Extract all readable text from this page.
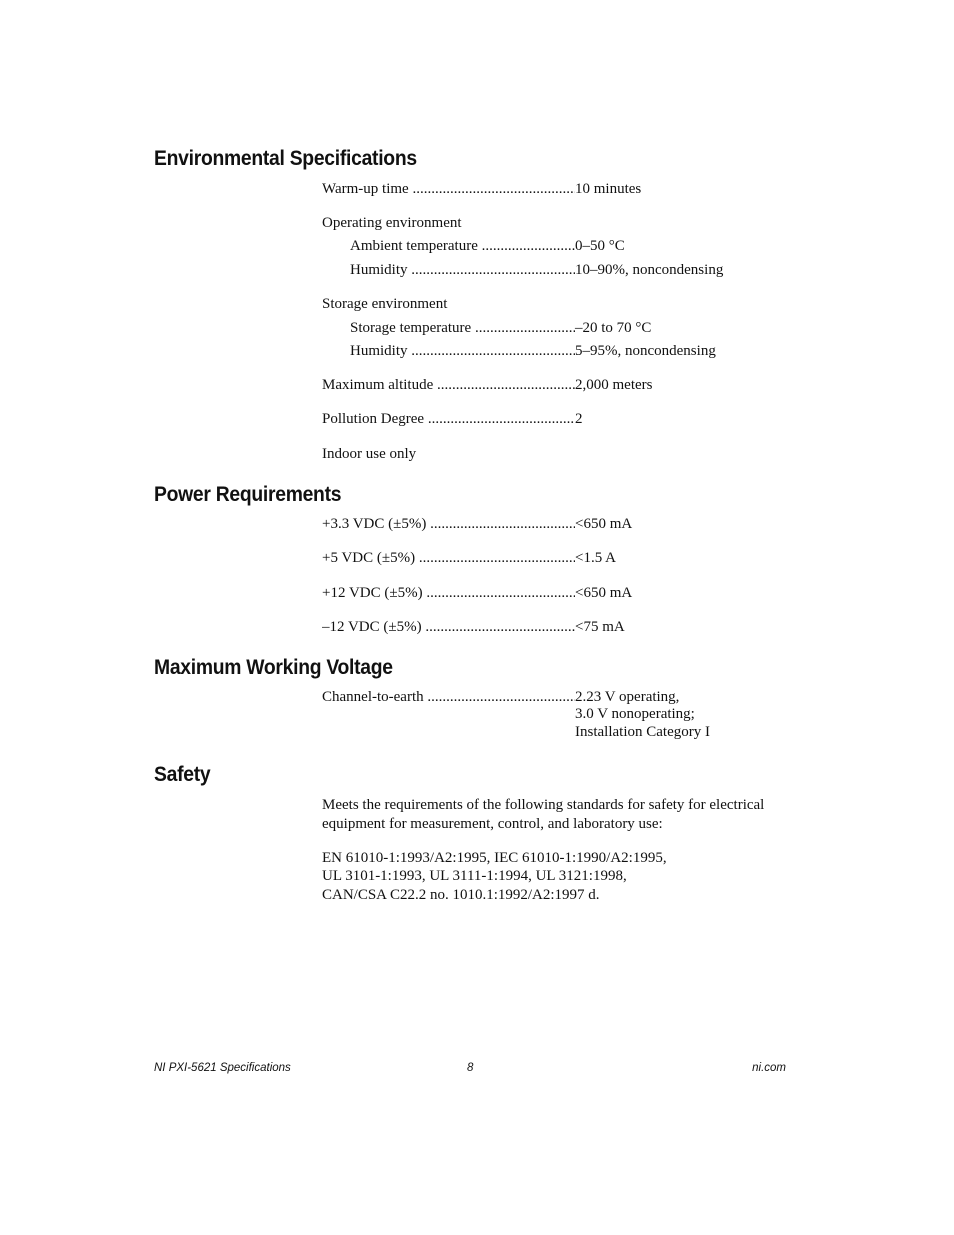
Environmental Specifications
Warm-up time .....	10 minutes
Operating environment
Ambient temperature .....	0–50 °C
Humidity .....	10–90%, noncondensing
Storage environment
Storage temperature .....	–20 to 70 °C
Humidity .....	5–95%, noncondensing
Maximum altitude .....	2,000 meters
Pollution Degree .....	2
Indoor use only
Power Requirements
+3.3 VDC (±5%) .....	<650 mA
+5 VDC (±5%) .....	<1.5 A
+12 VDC (±5%) .....	<650 mA
–12 VDC (±5%) .....	<75 mA
Maximum Working Voltage
Channel-to-earth .....	2.23 V operating,
3.0 V nonoperating;
Installation Category I
Safety
Meets the requirements of the following standards for safety for electrical equipment for measurement, control, and laboratory use:
EN 61010-1:1993/A2:1995, IEC 61010-1:1990/A2:1995,
UL 3101-1:1993, UL 3111-1:1994, UL 3121:1998,
CAN/CSA C22.2 no. 1010.1:1992/A2:1997 d.
NI PXI-5621 Specifications	8	ni.com
